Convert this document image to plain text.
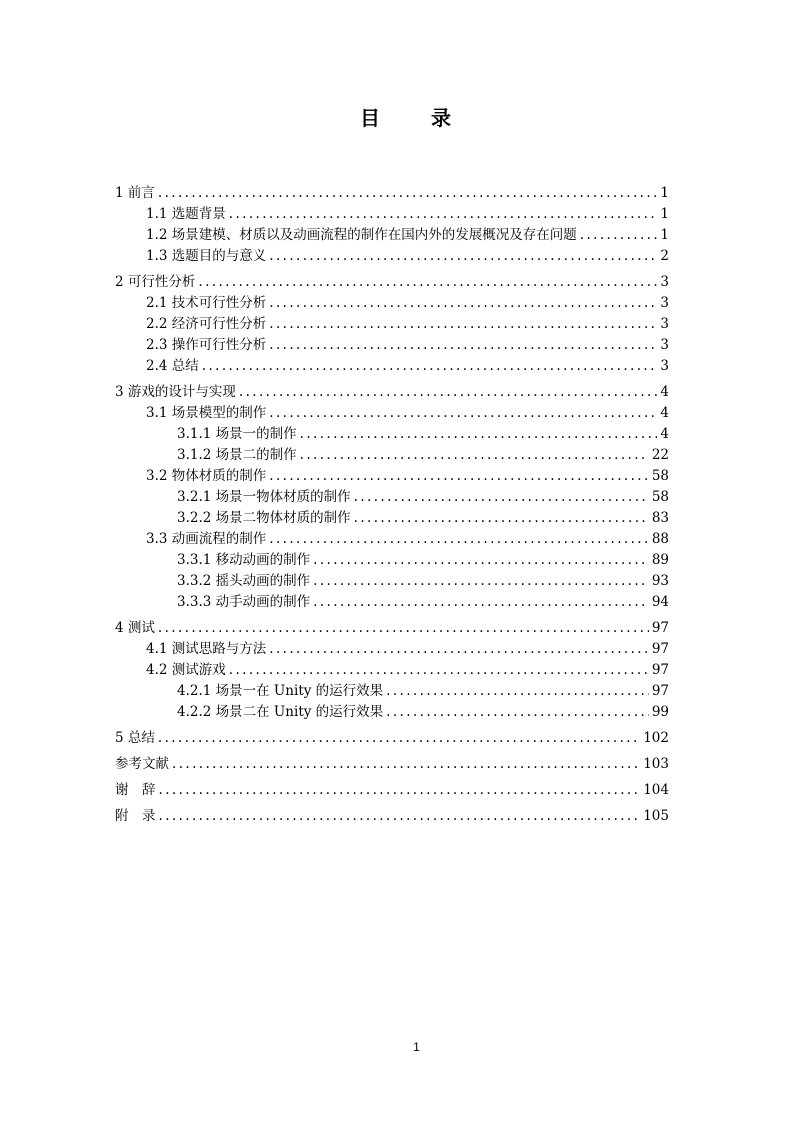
目 录
1 前言 .....	1
1.1 选题背景 .....	1
1.2 场景建模、材质以及动画流程的制作在国内外的发展概况及存在问题 .....	1
1.3 选题目的与意义 .....	2
2 可行性分析 .....	3
2.1 技术可行性分析 .....	3
2.2 经济可行性分析 .....	3
2.3 操作可行性分析 .....	3
2.4 总结 .....	3
3 游戏的设计与实现 .....	4
3.1 场景模型的制作 .....	4
3.1.1 场景一的制作 .....	4
3.1.2 场景二的制作 .....	22
3.2 物体材质的制作 .....	58
3.2.1 场景一物体材质的制作 .....	58
3.2.2 场景二物体材质的制作 .....	83
3.3 动画流程的制作 .....	88
3.3.1 移动动画的制作 .....	89
3.3.2 摇头动画的制作 .....	93
3.3.3 动手动画的制作 .....	94
4 测试 .....	97
4.1 测试思路与方法 .....	97
4.2 测试游戏 .....	97
4.2.1 场景一在 Unity 的运行效果 .....	97
4.2.2 场景二在 Unity 的运行效果 .....	99
5 总结 .....	102
参考文献 .....	103
谢　辞 .....	104
附　录 .....	105
1
